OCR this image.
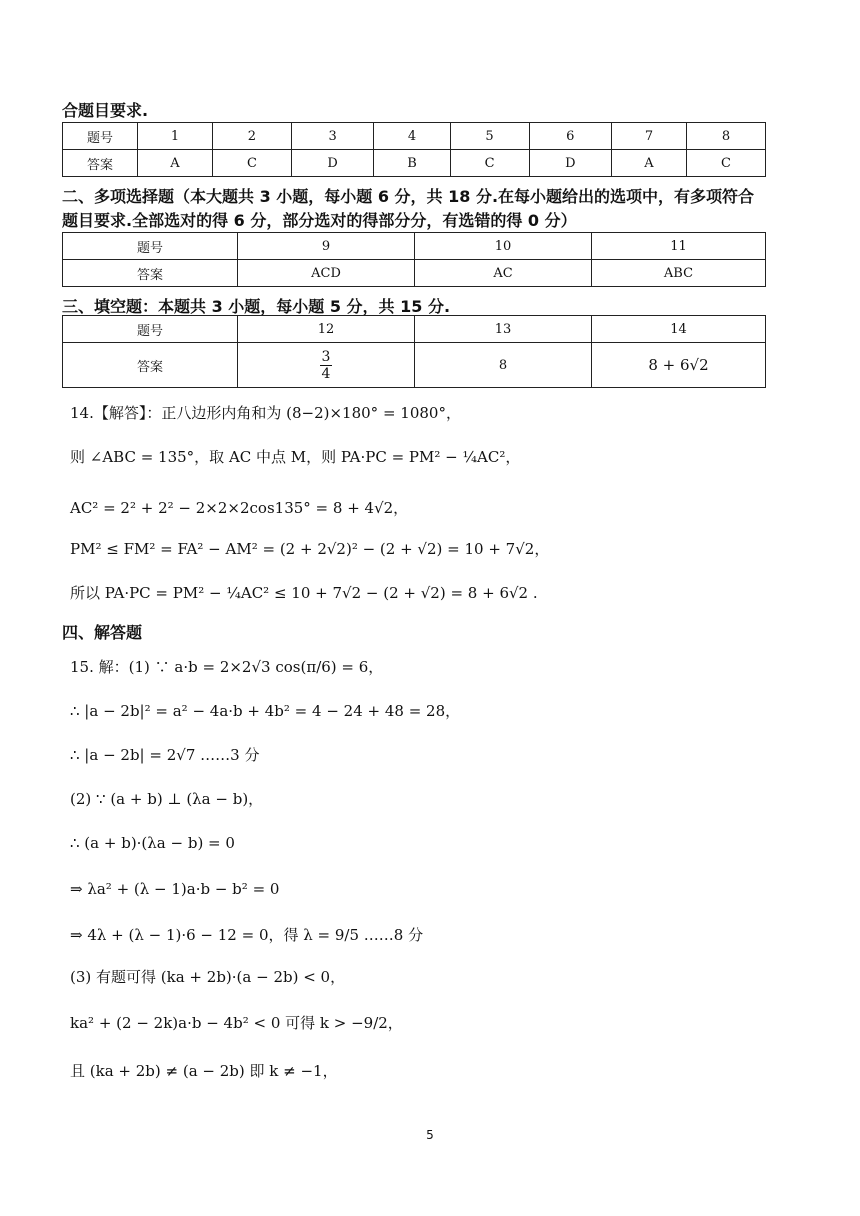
合题目要求.
题号	1	2	3	4	5	6	7	8
答案	A	C	D	B	C	D	A	C
二、多项选择题（本大题共 3 小题，每小题 6 分，共 18 分.在每小题给出的选项中，有多项符合
题目要求.全部选对的得 6 分，部分选对的得部分分，有选错的得 0 分）
题号	9	10	11
答案	ACD	AC	ABC
三、填空题：本题共 3 小题，每小题 5 分，共 15 分.
题号	12	13	14
答案	$\frac{3}{4}$	8	8 + 6√2
14.【解答】：正八边形内角和为 (8−2)×180° = 1080°，
则 ∠ABC = 135°，取 AC 中点 M，则 PA·PC = PM² − ¼AC²，
AC² = 2² + 2² − 2×2×2cos135° = 8 + 4√2，
PM² ≤ FM² = FA² − AM² = (2 + 2√2)² − (2 + √2) = 10 + 7√2，
所以 PA·PC = PM² − ¼AC² ≤ 10 + 7√2 − (2 + √2) = 8 + 6√2 .
四、解答题
15. 解：(1) ∵ a·b = 2×2√3 cos(π/6) = 6，
∴ |a − 2b|² = a² − 4a·b + 4b² = 4 − 24 + 48 = 28，
∴ |a − 2b| = 2√7 ……3 分
(2) ∵ (a + b) ⊥ (λa − b)，
∴ (a + b)·(λa − b) = 0
⇒ λa² + (λ − 1)a·b − b² = 0
⇒ 4λ + (λ − 1)·6 − 12 = 0，得 λ = 9/5 ……8 分
(3) 有题可得 (ka + 2b)·(a − 2b) < 0，
ka² + (2 − 2k)a·b − 4b² < 0 可得 k > −9/2，
且 (ka + 2b) ≠ (a − 2b) 即 k ≠ −1，
5
